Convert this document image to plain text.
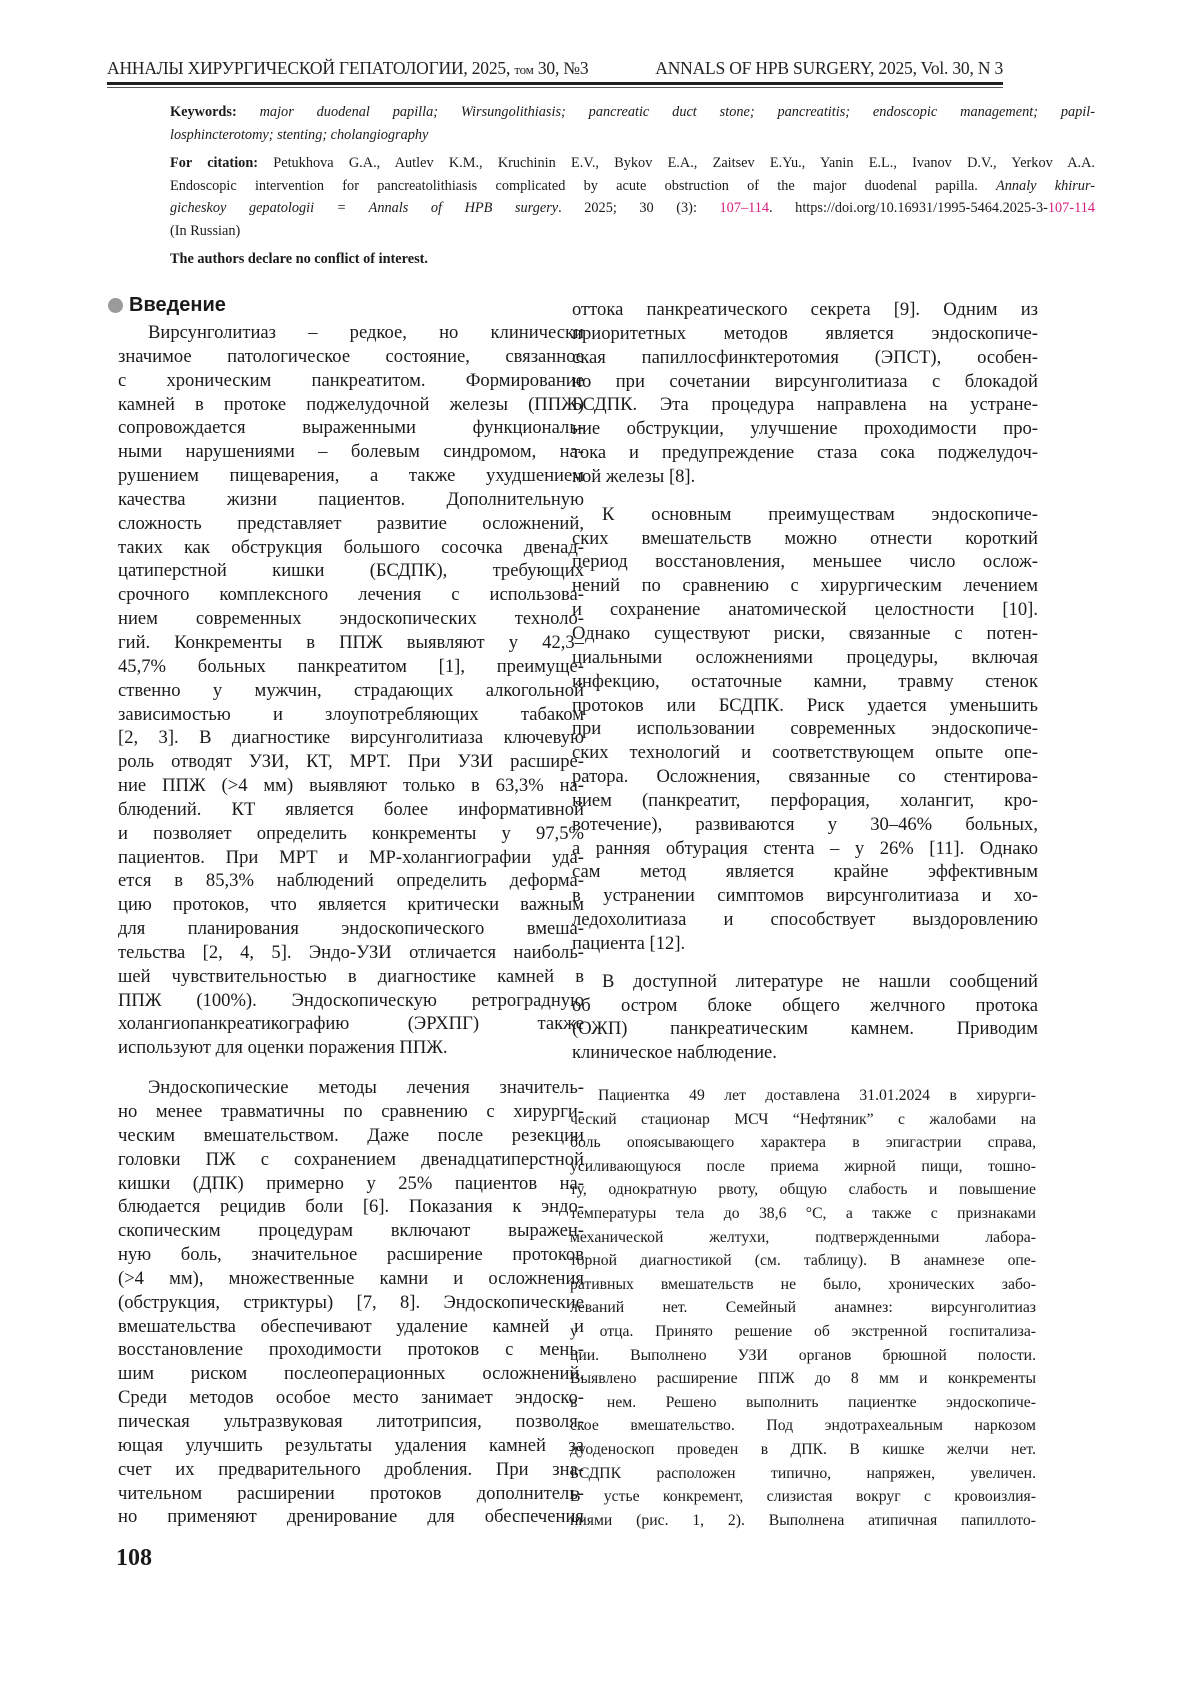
АННАЛЫ ХИРУРГИЧЕСКОЙ ГЕПАТОЛОГИИ, 2025, том 30, №3	ANNALS OF HPB SURGERY, 2025, Vol. 30, N 3
Keywords: major duodenal papilla; Wirsungolithiasis; pancreatic duct stone; pancreatitis; endoscopic management; papil-
losphincterotomy; stenting; cholangiography
For citation: Petukhova G.A., Autlev K.M., Kruchinin E.V., Bykov E.A., Zaitsev E.Yu., Yanin E.L., Ivanov D.V., Yerkov A.A.
Endoscopic intervention for pancreatolithiasis complicated by acute obstruction of the major duodenal papilla. Annaly khirur-
gicheskoy gepatologii = Annals of HPB surgery. 2025; 30 (3): 107–114. https://doi.org/10.16931/1995-5464.2025-3-107-114
(In Russian)
The authors declare no conflict of interest.
Введение
Вирсунголитиаз – редкое, но клинически
значимое патологическое состояние, связанное
с хроническим панкреатитом. Формирование
камней в протоке поджелудочной железы (ППЖ)
сопровождается выраженными функциональ-
ными нарушениями – болевым синдромом, на-
рушением пищеварения, а также ухудшением
качества жизни пациентов. Дополнительную
сложность представляет развитие осложнений,
таких как обструкция большого сосочка двенад-
цатиперстной кишки (БСДПК), требующих
срочного комплексного лечения с использова-
нием современных эндоскопических техноло-
гий. Конкременты в ППЖ выявляют у 42,3–
45,7% больных панкреатитом [1], преимуще-
ственно у мужчин, страдающих алкогольной
зависимостью и злоупотребляющих табаком
[2, 3]. В диагностике вирсунголитиаза ключевую
роль отводят УЗИ, КТ, МРТ. При УЗИ расшире-
ние ППЖ (>4 мм) выявляют только в 63,3% на-
блюдений. КТ является более информативной
и позволяет определить конкременты у 97,5%
пациентов. При МРТ и МР-холангиографии уда-
ется в 85,3% наблюдений определить деформа-
цию протоков, что является критически важным
для планирования эндоскопического вмеша-
тельства [2, 4, 5]. Эндо-УЗИ отличается наиболь-
шей чувствительностью в диагностике камней в
ППЖ (100%). Эндоскопическую ретроградную
холангиопанкреатикографию (ЭРХПГ) также
используют для оценки поражения ППЖ.
Эндоскопические методы лечения значитель-
но менее травматичны по сравнению с хирурги-
ческим вмешательством. Даже после резекции
головки ПЖ с сохранением двенадцатиперстной
кишки (ДПК) примерно у 25% пациентов на-
блюдается рецидив боли [6]. Показания к эндо-
скопическим процедурам включают выражен-
ную боль, значительное расширение протоков
(>4 мм), множественные камни и осложнения
(обструкция, стриктуры) [7, 8]. Эндоскопические
вмешательства обеспечивают удаление камней и
восстановление проходимости протоков с мень-
шим риском послеоперационных осложнений.
Среди методов особое место занимает эндоско-
пическая ультразвуковая литотрипсия, позволя-
ющая улучшить результаты удаления камней за
счет их предварительного дробления. При зна-
чительном расширении протоков дополнитель-
но применяют дренирование для обеспечения
оттока панкреатического секрета [9]. Одним из
приоритетных методов является эндоскопиче-
ская папиллосфинктеротомия (ЭПСТ), особен-
но при сочетании вирсунголитиаза с блокадой
БСДПК. Эта процедура направлена на устране-
ние обструкции, улучшение проходимости про-
тока и предупреждение стаза сока поджелудоч-
ной железы [8].
К основным преимуществам эндоскопиче-
ских вмешательств можно отнести короткий
период восстановления, меньшее число ослож-
нений по сравнению с хирургическим лечением
и сохранение анатомической целостности [10].
Однако существуют риски, связанные с потен-
циальными осложнениями процедуры, включая
инфекцию, остаточные камни, травму стенок
протоков или БСДПК. Риск удается уменьшить
при использовании современных эндоскопиче-
ских технологий и соответствующем опыте опе-
ратора. Осложнения, связанные со стентирова-
нием (панкреатит, перфорация, холангит, кро-
вотечение), развиваются у 30–46% больных,
а ранняя обтурация стента – у 26% [11]. Однако
сам метод является крайне эффективным
в устранении симптомов вирсунголитиаза и хо-
ледохолитиаза и способствует выздоровлению
пациента [12].
В доступной литературе не нашли сообщений
об остром блоке общего желчного протока
(ОЖП) панкреатическим камнем. Приводим
клиническое наблюдение.
Пациентка 49 лет доставлена 31.01.2024 в хирурги-
ческий стационар МСЧ “Нефтяник” с жалобами на
боль опоясывающего характера в эпигастрии справа,
усиливающуюся после приема жирной пищи, тошно-
ту, однократную рвоту, общую слабость и повышение
температуры тела до 38,6 °С, а также с признаками
механической желтухи, подтвержденными лабора-
торной диагностикой (см. таблицу). В анамнезе опе-
ративных вмешательств не было, хронических забо-
леваний нет. Семейный анамнез: вирсунголитиаз
у отца. Принято решение об экстренной госпитализа-
ции. Выполнено УЗИ органов брюшной полости.
Выявлено расширение ППЖ до 8 мм и конкременты
в нем. Решено выполнить пациентке эндоскопиче-
ское вмешательство. Под эндотрахеальным наркозом
дуоденоскоп проведен в ДПК. В кишке желчи нет.
БСДПК расположен типично, напряжен, увеличен.
В устье конкремент, слизистая вокруг с кровоизлия-
ниями (рис. 1, 2). Выполнена атипичная папиллото-
108
